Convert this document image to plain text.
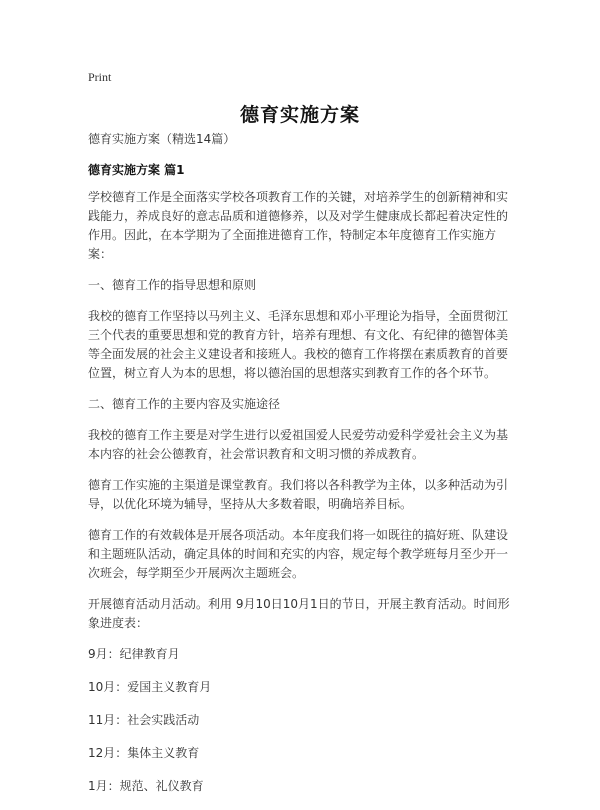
Print
德育实施方案

德育实施方案（精选14篇）

德育实施方案 篇1

学校德育工作是全面落实学校各项教育工作的关键，对培养学生的创新精神和实践能力，养成良好的意志品质和道德修养，以及对学生健康成长都起着决定性的作用。因此，在本学期为了全面推进德育工作，特制定本年度德育工作实施方案：

一、德育工作的指导思想和原则

我校的德育工作坚持以马列主义、毛泽东思想和邓小平理论为指导，全面贯彻江三个代表的重要思想和党的教育方针，培养有理想、有文化、有纪律的德智体美等全面发展的社会主义建设者和接班人。我校的德育工作将摆在素质教育的首要位置，树立育人为本的思想，将以德治国的思想落实到教育工作的各个环节。

二、德育工作的主要内容及实施途径

我校的德育工作主要是对学生进行以爱祖国爱人民爱劳动爱科学爱社会主义为基本内容的社会公德教育，社会常识教育和文明习惯的养成教育。

德育工作实施的主渠道是课堂教育。我们将以各科教学为主体，以多种活动为引导，以优化环境为辅导，坚持从大多数着眼，明确培养目标。

德育工作的有效载体是开展各项活动。本年度我们将一如既往的搞好班、队建设和主题班队活动，确定具体的时间和充实的内容，规定每个教学班每月至少开一次班会，每学期至少开展两次主题班会。

开展德育活动月活动。利用 9月10日10月1日的节日，开展主教育活动。时间形象进度表：

9月：纪律教育月

10月：爱国主义教育月

11月：社会实践活动

12月：集体主义教育

1月：规范、礼仪教育
